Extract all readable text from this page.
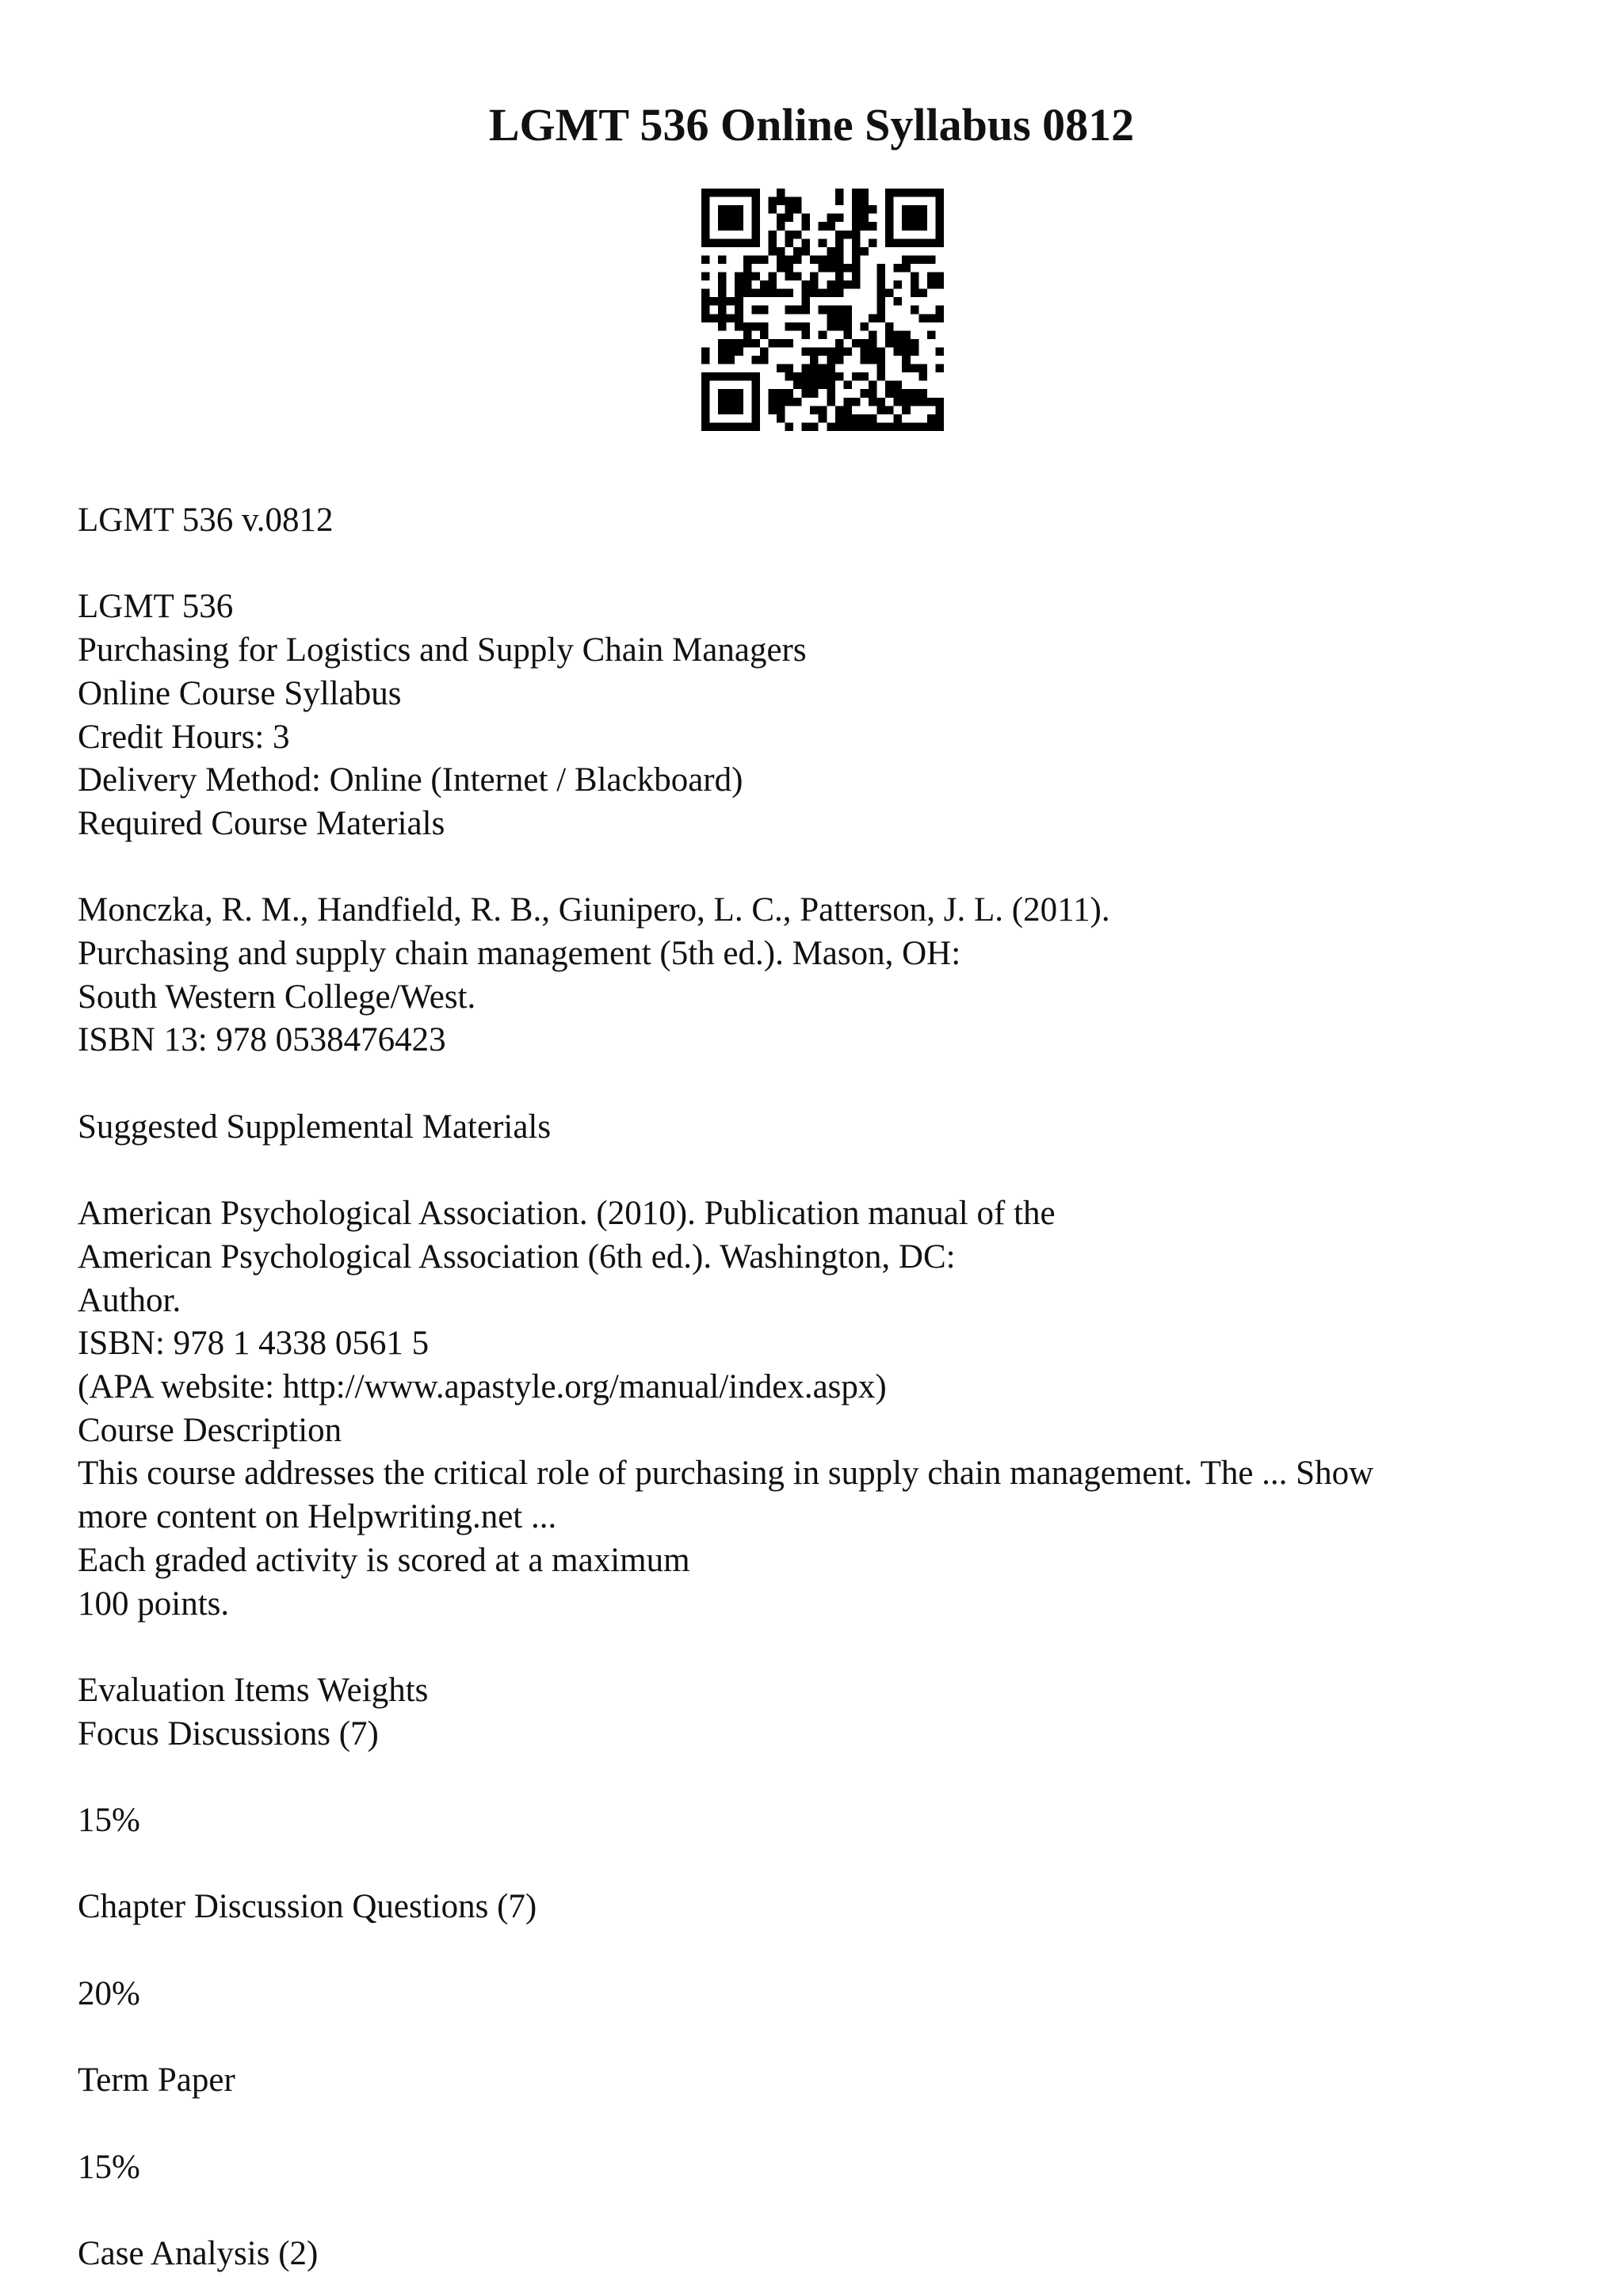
LGMT 536 Online Syllabus 0812
LGMT 536 v.0812
LGMT 536
Purchasing for Logistics and Supply Chain Managers
Online Course Syllabus
Credit Hours: 3
Delivery Method: Online (Internet / Blackboard)
Required Course Materials
Monczka, R. M., Handfield, R. B., Giunipero, L. C., Patterson, J. L. (2011).
Purchasing and supply chain management (5th ed.). Mason, OH:
South Western College/West.
ISBN 13: 978 0538476423
Suggested Supplemental Materials
American Psychological Association. (2010). Publication manual of the
American Psychological Association (6th ed.). Washington, DC:
Author.
ISBN: 978 1 4338 0561 5
(APA website: http://www.apastyle.org/manual/index.aspx)
Course Description
This course addresses the critical role of purchasing in supply chain management. The ... Show
more content on Helpwriting.net ...
Each graded activity is scored at a maximum
100 points.
Evaluation Items Weights
Focus Discussions (7)
15%
Chapter Discussion Questions (7)
20%
Term Paper
15%
Case Analysis (2)
